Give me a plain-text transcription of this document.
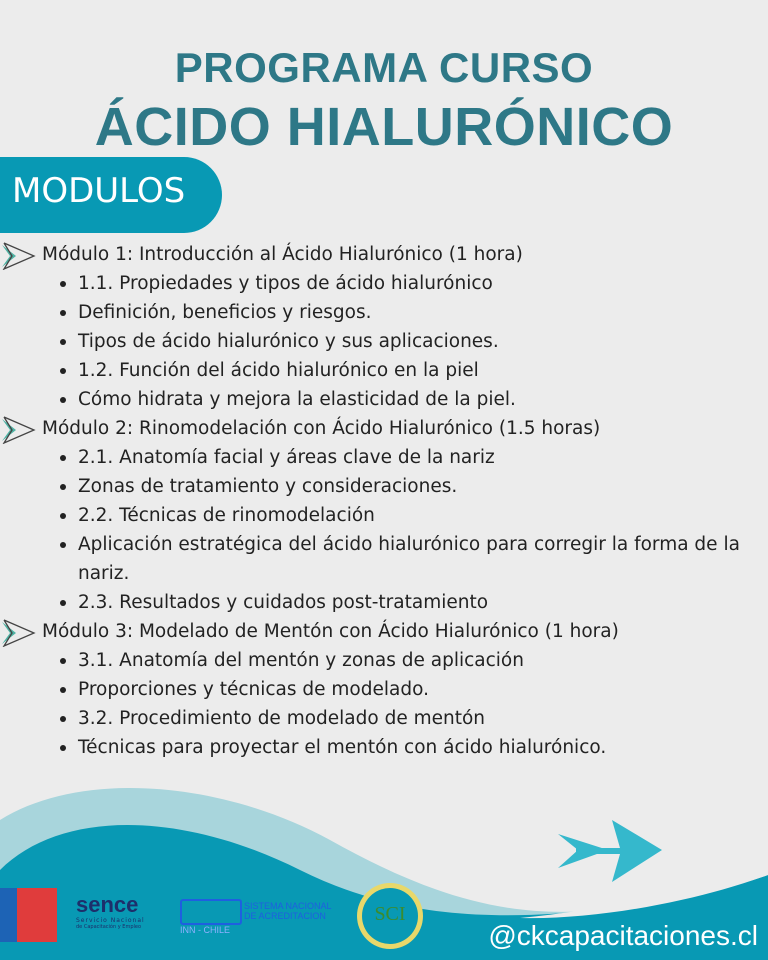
PROGRAMA CURSO
ÁCIDO HIALURÓNICO
MODULOS
Módulo 1: Introducción al Ácido Hialurónico (1 hora)
1.1. Propiedades y tipos de ácido hialurónico
Definición, beneficios y riesgos.
Tipos de ácido hialurónico y sus aplicaciones.
1.2. Función del ácido hialurónico en la piel
Cómo hidrata y mejora la elasticidad de la piel.
Módulo 2: Rinomodelación con Ácido Hialurónico (1.5 horas)
2.1. Anatomía facial y áreas clave de la nariz
Zonas de tratamiento y consideraciones.
2.2. Técnicas de rinomodelación
Aplicación estratégica del ácido hialurónico para corregir la forma de la nariz.
2.3. Resultados y cuidados post-tratamiento
Módulo 3: Modelado de Mentón con Ácido Hialurónico (1 hora)
3.1. Anatomía del mentón y zonas de aplicación
Proporciones y técnicas de modelado.
3.2. Procedimiento de modelado de mentón
Técnicas para proyectar el mentón con ácido hialurónico.
sence
Servicio Nacional
de Capacitación y Empleo	INN - CHILE
SISTEMA NACIONAL
DE ACREDITACION	SCI
@ckcapacitaciones.cl
